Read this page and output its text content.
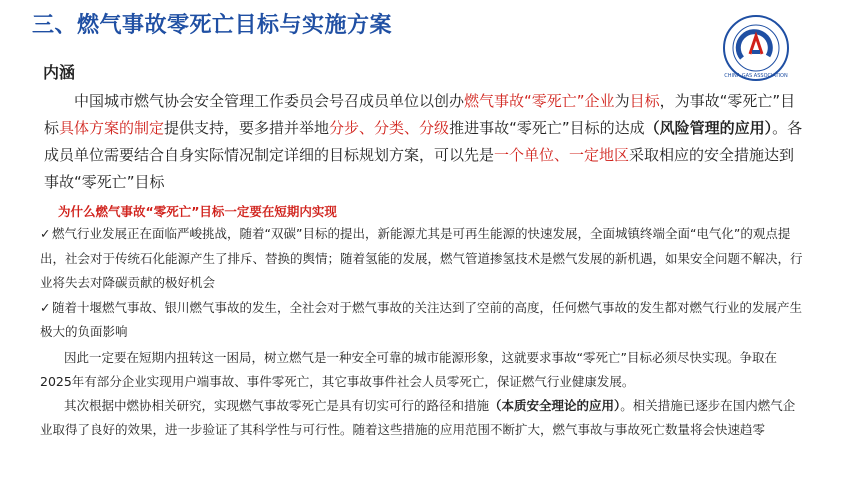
三、燃气事故零死亡目标与实施方案
CHINA GAS ASSOCIATION
内涵
中国城市燃气协会安全管理工作委员会号召成员单位以创办燃气事故“零死亡”企业为目标，为事故“零死亡”目标具体方案的制定提供支持，要多措并举地分步、分类、分级推进事故“零死亡”目标的达成（风险管理的应用）。各成员单位需要结合自身实际情况制定详细的目标规划方案，可以先是一个单位、一定地区采取相应的安全措施达到事故“零死亡”目标
为什么燃气事故“零死亡”目标一定要在短期内实现
✓ 燃气行业发展正在面临严峻挑战，随着“双碳”目标的提出，新能源尤其是可再生能源的快速发展，全面城镇终端全面“电气化”的观点提出，社会对于传统石化能源产生了排斥、替换的舆情；随着氢能的发展，燃气管道掺氢技术是燃气发展的新机遇，如果安全问题不解决，行业将失去对降碳贡献的极好机会
✓ 随着十堰燃气事故、银川燃气事故的发生，全社会对于燃气事故的关注达到了空前的高度，任何燃气事故的发生都对燃气行业的发展产生极大的负面影响

因此一定要在短期内扭转这一困局，树立燃气是一种安全可靠的城市能源形象，这就要求事故“零死亡”目标必须尽快实现。争取在2025年有部分企业实现用户端事故、事件零死亡，其它事故事件社会人员零死亡，保证燃气行业健康发展。

其次根据中燃协相关研究，实现燃气事故零死亡是具有切实可行的路径和措施（本质安全理论的应用）。相关措施已逐步在国内燃气企业取得了良好的效果，进一步验证了其科学性与可行性。随着这些措施的应用范围不断扩大，燃气事故与事故死亡数量将会快速趋零
